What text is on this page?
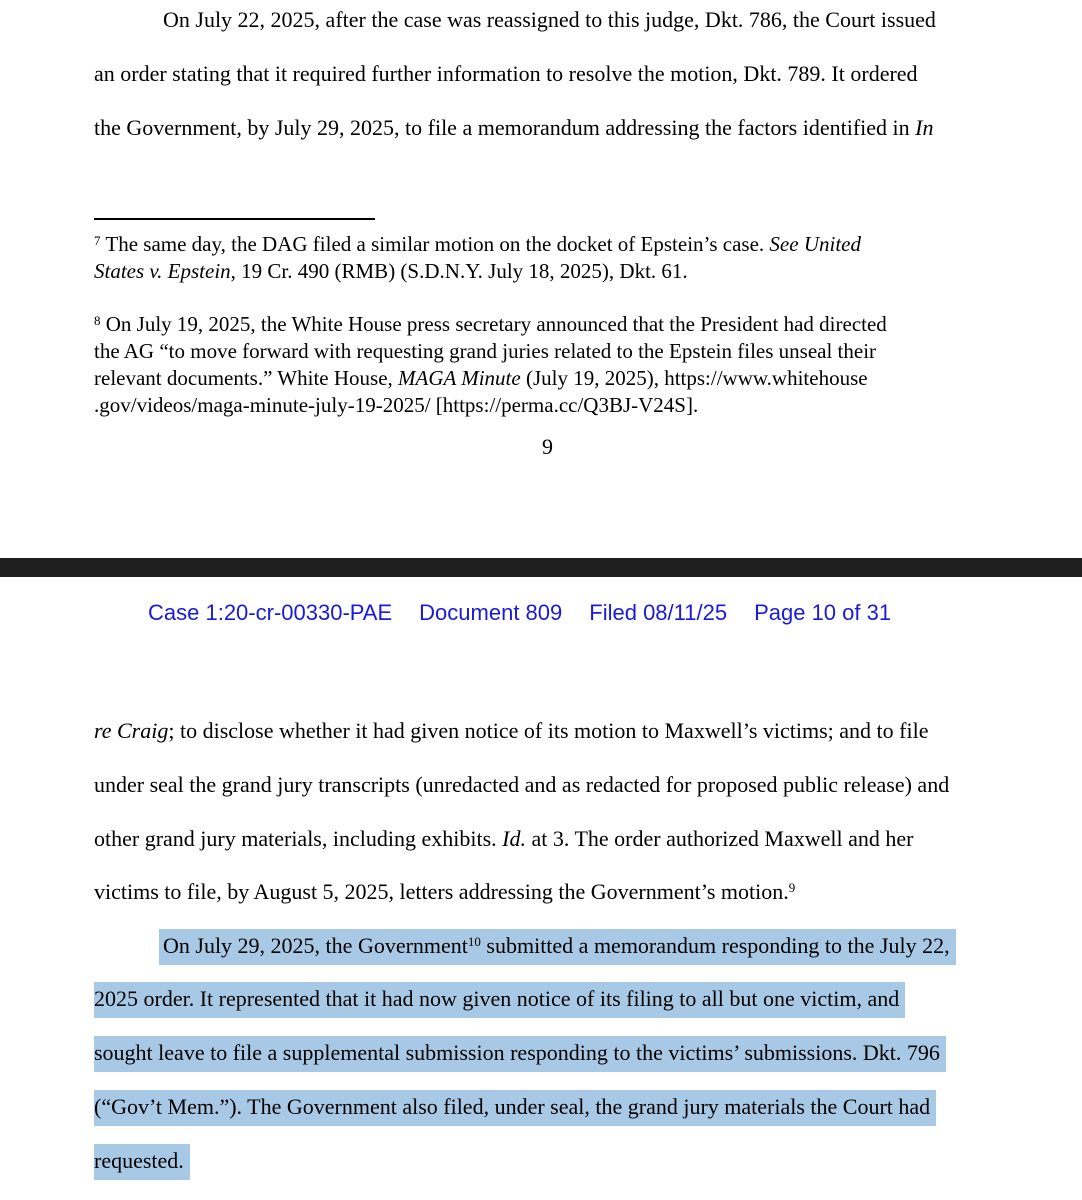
On July 22, 2025, after the case was reassigned to this judge, Dkt. 786, the Court issued
an order stating that it required further information to resolve the motion, Dkt. 789. It ordered
the Government, by July 29, 2025, to file a memorandum addressing the factors identified in In
$^7$ The same day, the DAG filed a similar motion on the docket of Epstein’s case. See United
States v. Epstein, 19 Cr. 490 (RMB) (S.D.N.Y. July 18, 2025), Dkt. 61.
$^8$ On July 19, 2025, the White House press secretary announced that the President had directed
the AG “to move forward with requesting grand juries related to the Epstein files unseal their
relevant documents.” White House, MAGA Minute (July 19, 2025), https://www.whitehouse
.gov/videos/maga-minute-july-19-2025/ [https://perma.cc/Q3BJ-V24S].
9
Case 1:20-cr-00330-PAE Document 809 Filed 08/11/25 Page 10 of 31
re Craig; to disclose whether it had given notice of its motion to Maxwell’s victims; and to file
under seal the grand jury transcripts (unredacted and as redacted for proposed public release) and
other grand jury materials, including exhibits. Id. at 3. The order authorized Maxwell and her
victims to file, by August 5, 2025, letters addressing the Government’s motion.$^9$
On July 29, 2025, the Government$^{10}$ submitted a memorandum responding to the July 22,
2025 order. It represented that it had now given notice of its filing to all but one victim, and
sought leave to file a supplemental submission responding to the victims’ submissions. Dkt. 796
(“Gov’t Mem.”). The Government also filed, under seal, the grand jury materials the Court had
requested.
